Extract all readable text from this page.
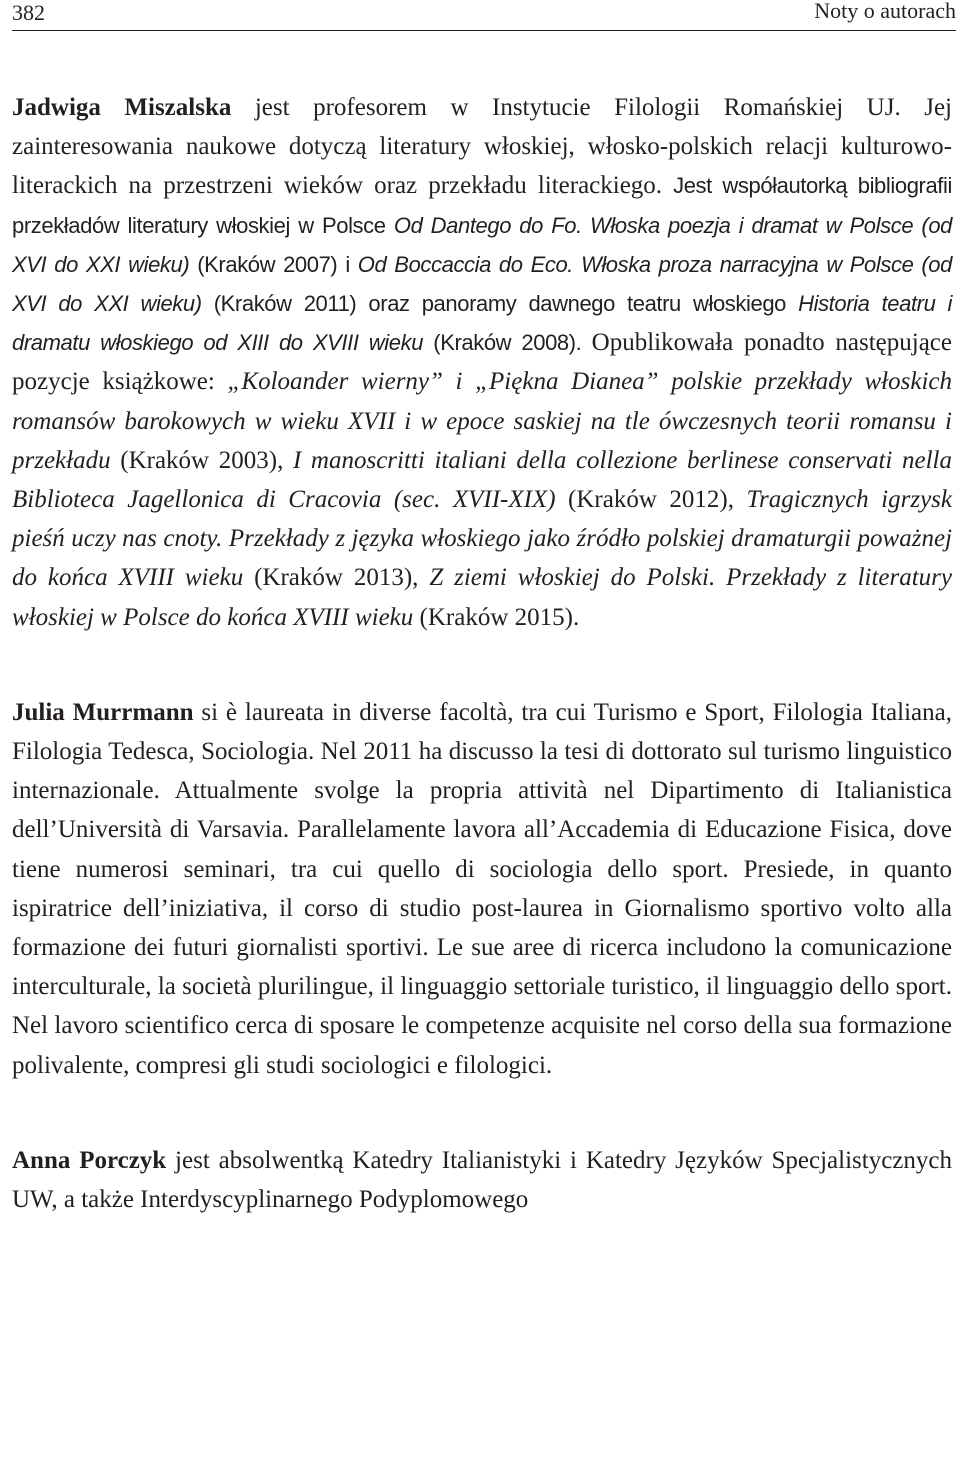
382	Noty o autorach

Jadwiga Miszalska jest profesorem w Instytucie Filologii Romańskiej UJ. Jej zainteresowania naukowe dotyczą literatury włoskiej, włosko-polskich relacji kulturowo-literackich na przestrzeni wieków oraz przekładu literackiego. Jest współautorką bibliografii przekładów literatury włoskiej w Polsce Od Dantego do Fo. Włoska poezja i dramat w Polsce (od XVI do XXI wieku) (Kraków 2007) i Od Boccaccia do Eco. Włoska proza narracyjna w Polsce (od XVI do XXI wieku) (Kraków 2011) oraz panoramy dawnego teatru włoskiego Historia teatru i dramatu włoskiego od XIII do XVIII wieku (Kraków 2008). Opublikowała ponadto następujące pozycje książkowe: „Koloander wierny” i „Piękna Dianea” polskie przekłady włoskich romansów barokowych w wieku XVII i w epoce saskiej na tle ówczesnych teorii romansu i przekładu (Kraków 2003), I manoscritti italiani della collezione berlinese conservati nella Biblioteca Jagellonica di Cracovia (sec. XVII-XIX) (Kraków 2012), Tragicznych igrzysk pieśń uczy nas cnoty. Przekłady z języka włoskiego jako źródło polskiej dramaturgii poważnej do końca XVIII wieku (Kraków 2013), Z ziemi włoskiej do Polski. Przekłady z literatury włoskiej w Polsce do końca XVIII wieku (Kraków 2015).

Julia Murrmann si è laureata in diverse facoltà, tra cui Turismo e Sport, Filologia Italiana, Filologia Tedesca, Sociologia. Nel 2011 ha discusso la tesi di dottorato sul turismo linguistico internazionale. Attualmente svolge la propria attività nel Dipartimento di Italianistica dell’Università di Varsavia. Parallelamente lavora all’Accademia di Educazione Fisica, dove tiene numerosi seminari, tra cui quello di sociologia dello sport. Presiede, in quanto ispiratrice dell’iniziativa, il corso di studio post-laurea in Giornalismo sportivo volto alla formazione dei futuri giornalisti sportivi. Le sue aree di ricerca includono la comunicazione interculturale, la società plurilingue, il linguaggio settoriale turistico, il linguaggio dello sport. Nel lavoro scientifico cerca di sposare le competenze acquisite nel corso della sua formazione polivalente, compresi gli studi sociologici e filologici.

Anna Porczyk jest absolwentką Katedry Italianistyki i Katedry Języków Specjalistycznych UW, a także Interdyscyplinarnego Podyplomowego
